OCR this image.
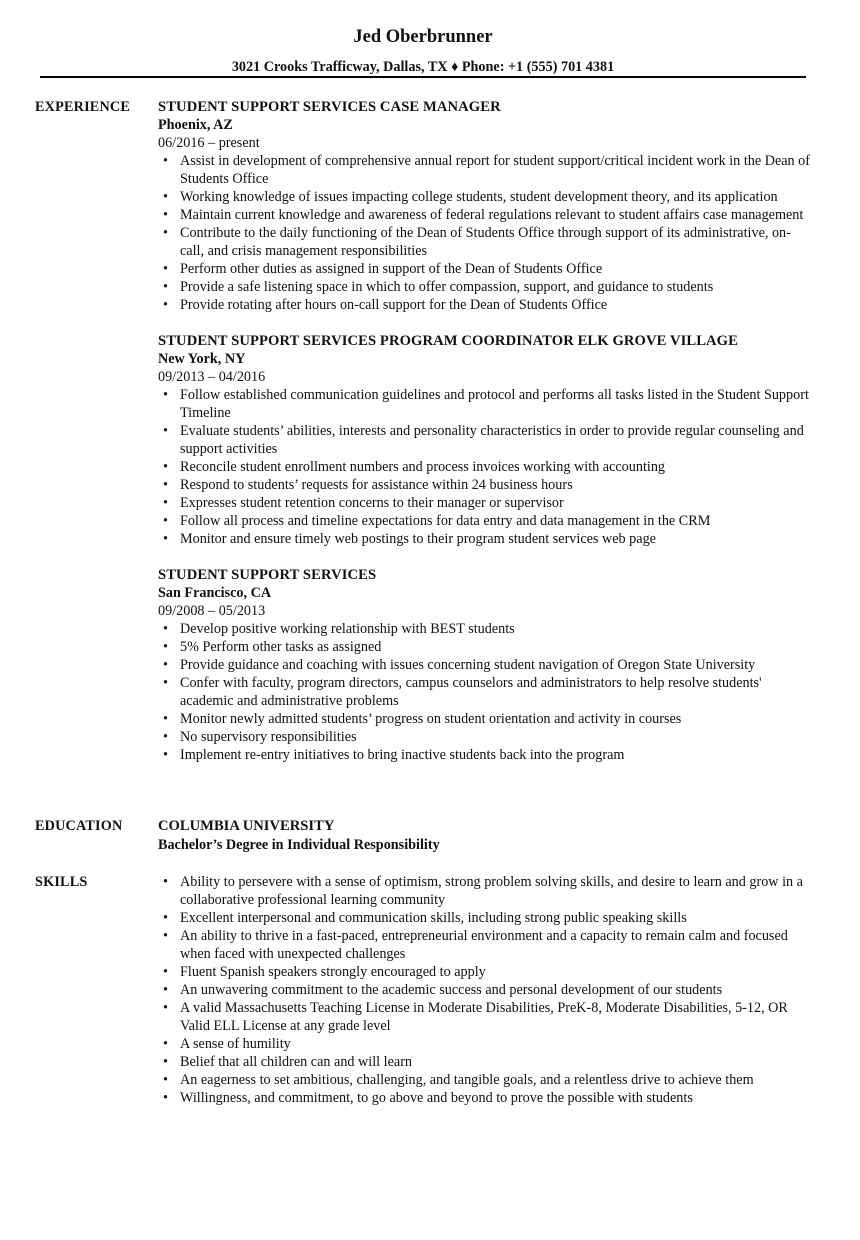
Jed Oberbrunner
3021 Crooks Trafficway, Dallas, TX ♦ Phone: +1 (555) 701 4381
EXPERIENCE	STUDENT SUPPORT SERVICES CASE MANAGER
Phoenix, AZ
06/2016 – present
• Assist in development of comprehensive annual report for student support/critical incident work in the Dean of Students Office
• Working knowledge of issues impacting college students, student development theory, and its application
• Maintain current knowledge and awareness of federal regulations relevant to student affairs case management
• Contribute to the daily functioning of the Dean of Students Office through support of its administrative, on-call, and crisis management responsibilities
• Perform other duties as assigned in support of the Dean of Students Office
• Provide a safe listening space in which to offer compassion, support, and guidance to students
• Provide rotating after hours on-call support for the Dean of Students Office
STUDENT SUPPORT SERVICES PROGRAM COORDINATOR ELK GROVE VILLAGE
New York, NY
09/2013 – 04/2016
• Follow established communication guidelines and protocol and performs all tasks listed in the Student Support Timeline
• Evaluate students’ abilities, interests and personality characteristics in order to provide regular counseling and support activities
• Reconcile student enrollment numbers and process invoices working with accounting
• Respond to students’ requests for assistance within 24 business hours
• Expresses student retention concerns to their manager or supervisor
• Follow all process and timeline expectations for data entry and data management in the CRM
• Monitor and ensure timely web postings to their program student services web page
STUDENT SUPPORT SERVICES
San Francisco, CA
09/2008 – 05/2013
• Develop positive working relationship with BEST students
• 5% Perform other tasks as assigned
• Provide guidance and coaching with issues concerning student navigation of Oregon State University
• Confer with faculty, program directors, campus counselors and administrators to help resolve students' academic and administrative problems
• Monitor newly admitted students’ progress on student orientation and activity in courses
• No supervisory responsibilities
• Implement re-entry initiatives to bring inactive students back into the program
EDUCATION	COLUMBIA UNIVERSITY
Bachelor’s Degree in Individual Responsibility
SKILLS
•	Ability to persevere with a sense of optimism, strong problem solving skills, and desire to learn and grow in a collaborative professional learning community
• Excellent interpersonal and communication skills, including strong public speaking skills
• An ability to thrive in a fast-paced, entrepreneurial environment and a capacity to remain calm and focused when faced with unexpected challenges
• Fluent Spanish speakers strongly encouraged to apply
• An unwavering commitment to the academic success and personal development of our students
• A valid Massachusetts Teaching License in Moderate Disabilities, PreK-8, Moderate Disabilities, 5-12, OR Valid ELL License at any grade level
• A sense of humility
• Belief that all children can and will learn
• An eagerness to set ambitious, challenging, and tangible goals, and a relentless drive to achieve them
• Willingness, and commitment, to go above and beyond to prove the possible with students
